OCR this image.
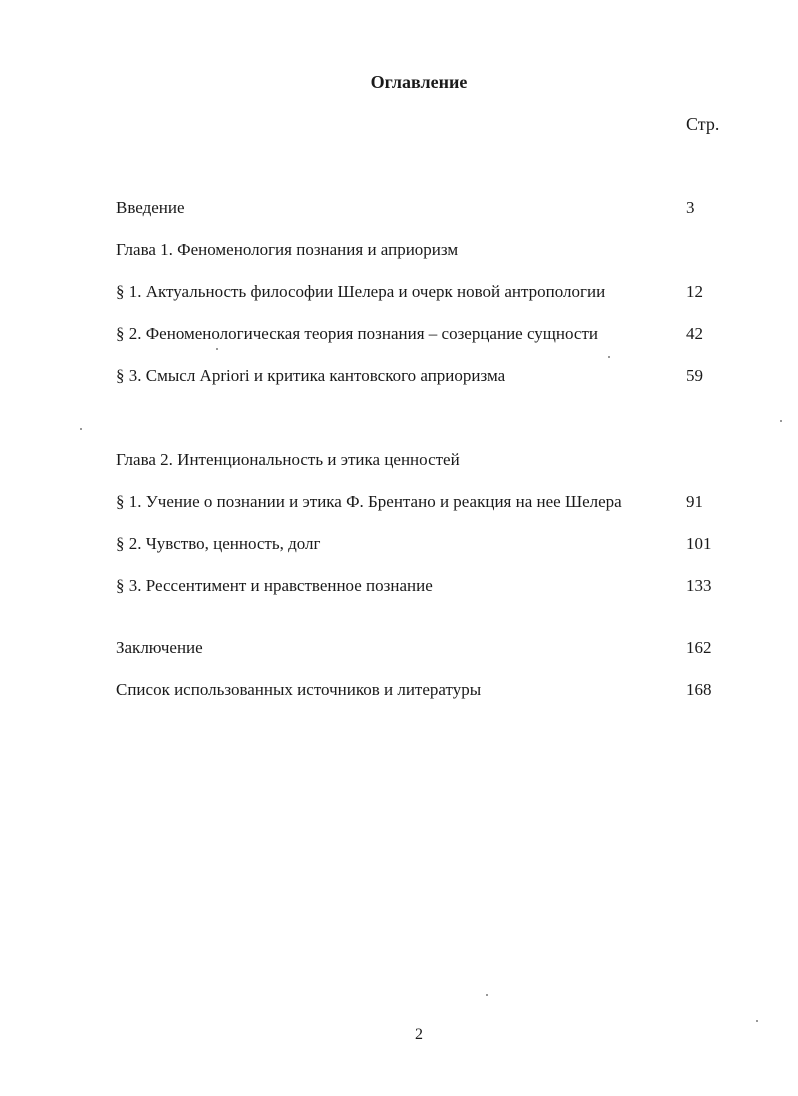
Оглавление
Стр.
Введение	3
Глава 1. Феноменология познания и априоризм
§ 1. Актуальность философии Шелера и очерк новой антропологии	12
§ 2. Феноменологическая теория познания – созерцание сущности	42
§ 3. Смысл Apriori и критика кантовского априоризма	59
Глава 2. Интенциональность и этика ценностей
§ 1. Учение о познании и этика Ф. Брентано и реакция на нее Шелера	91
§ 2. Чувство, ценность, долг	101
§ 3. Рессентимент и нравственное познание	133
Заключение	162
Список использованных источников и литературы	168
2
